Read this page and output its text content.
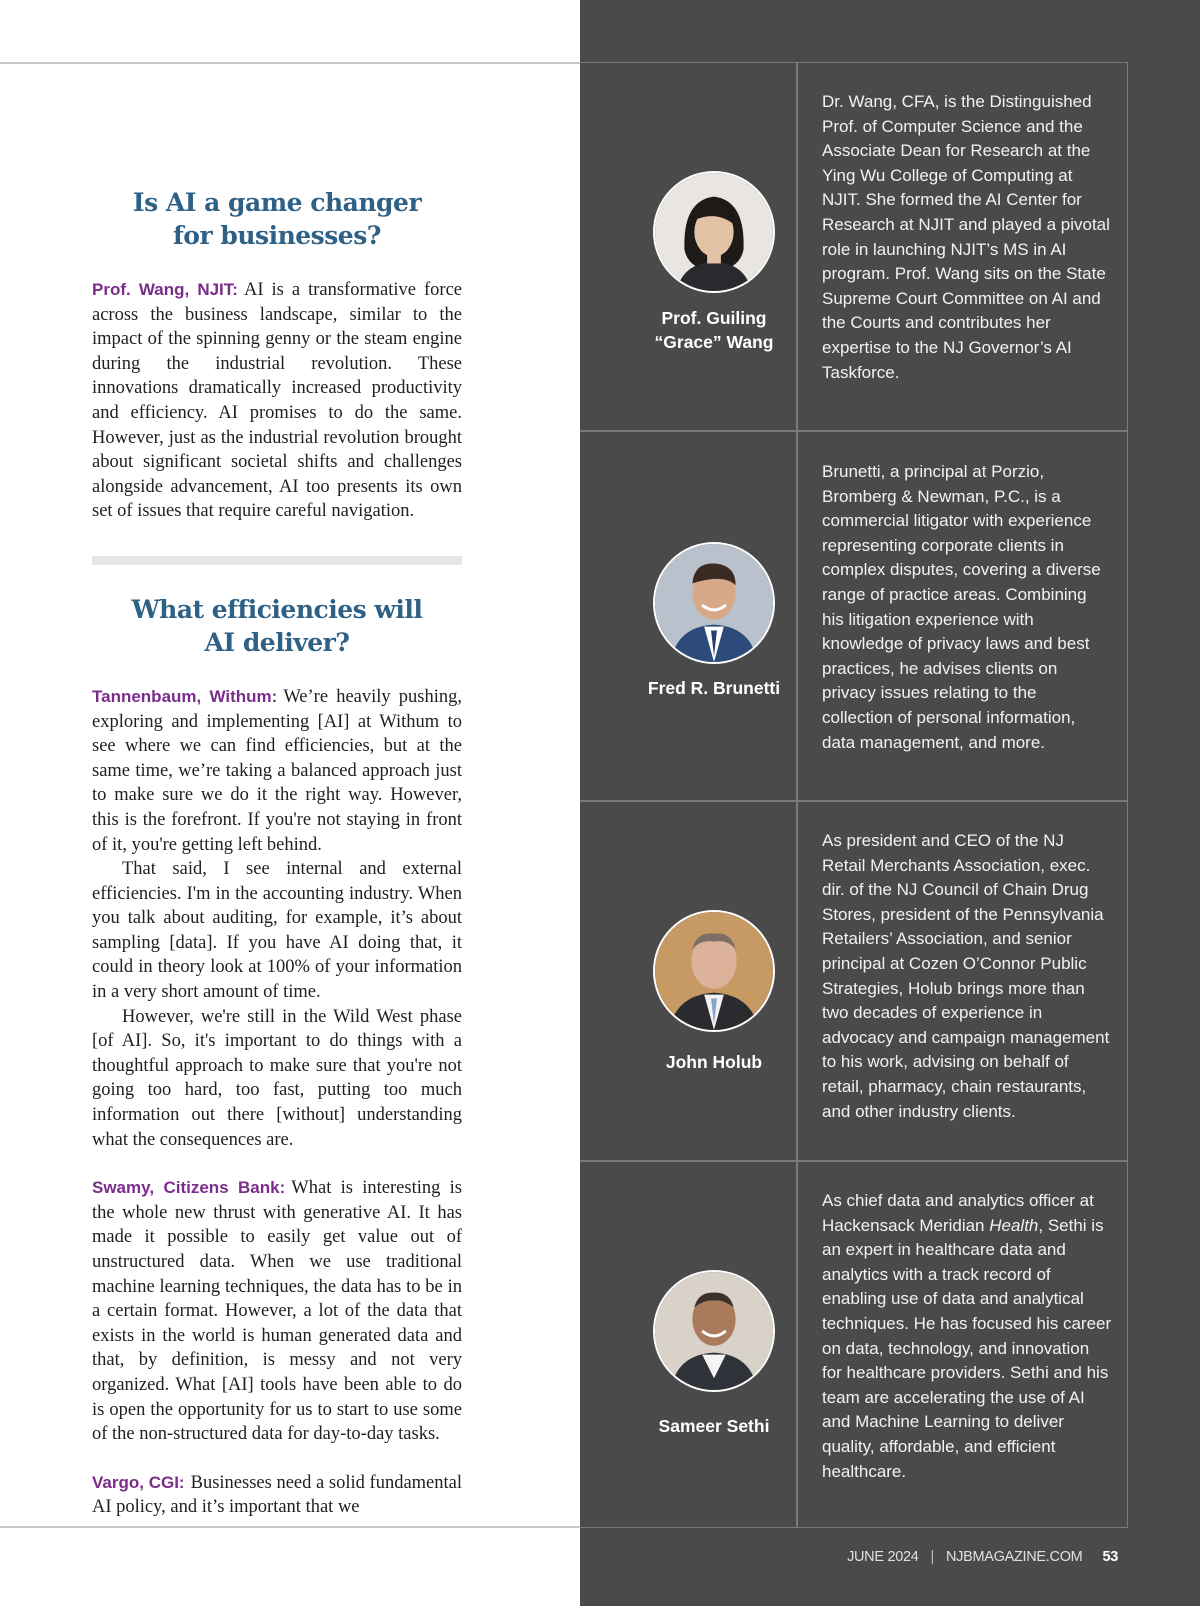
Is AI a game changer
for businesses?

Prof. Wang, NJIT: AI is a transformative force across the business landscape, similar to the impact of the spinning genny or the steam engine during the industrial revolution. These innovations dramatically increased productivity and efficiency. AI promises to do the same. However, just as the industrial revolution brought about significant societal shifts and challenges alongside advancement, AI too presents its own set of issues that require careful navigation.

What efficiencies will
AI deliver?

Tannenbaum, Withum: We’re heavily pushing, exploring and implementing [AI] at Withum to see where we can find efficiencies, but at the same time, we’re taking a balanced approach just to make sure we do it the right way. However, this is the forefront. If you're not staying in front of it, you're getting left behind.

That said, I see internal and external efficiencies. I'm in the accounting industry. When you talk about auditing, for example, it’s about sampling [data]. If you have AI doing that, it could in theory look at 100% of your information in a very short amount of time.

However, we're still in the Wild West phase [of AI]. So, it's important to do things with a thoughtful approach to make sure that you're not going too hard, too fast, putting too much information out there [without] understanding what the consequences are.

Swamy, Citizens Bank: What is interesting is the whole new thrust with generative AI. It has made it possible to easily get value out of unstructured data. When we use traditional machine learning techniques, the data has to be in a certain format. However, a lot of the data that exists in the world is human generated data and that, by definition, is messy and not very organized. What [AI] tools have been able to do is open the opportunity for us to start to use some of the non-structured data for day-to-day tasks.

Vargo, CGI: Businesses need a solid fundamental AI policy, and it’s important that we

Prof. Guiling
“Grace” Wang
Dr. Wang, CFA, is the Distinguished Prof. of Computer Science and the Associate Dean for Research at the Ying Wu College of Computing at NJIT. She formed the AI Center for Research at NJIT and played a pivotal role in launching NJIT’s MS in AI program. Prof. Wang sits on the State Supreme Court Committee on AI and the Courts and contributes her expertise to the NJ Governor’s AI Taskforce.
Fred R. Brunetti
Brunetti, a principal at Porzio, Bromberg & Newman, P.C., is a commercial litigator with experience representing corporate clients in complex disputes, covering a diverse range of practice areas. Combining his litigation experience with knowledge of privacy laws and best practices, he advises clients on privacy issues relating to the collection of personal information, data management, and more.
John Holub
As president and CEO of the NJ Retail Merchants Association, exec. dir. of the NJ Council of Chain Drug Stores, president of the Pennsylvania Retailers’ Association, and senior principal at Cozen O’Connor Public Strategies, Holub brings more than two decades of experience in advocacy and campaign management to his work, advising on behalf of retail, pharmacy, chain restaurants, and other industry clients.
Sameer Sethi
As chief data and analytics officer at Hackensack Meridian Health, Sethi is an expert in healthcare data and analytics with a track record of enabling use of data and analytical techniques. He has focused his career on data, technology, and innovation for healthcare providers. Sethi and his team are accelerating the use of AI and Machine Learning to deliver quality, affordable, and efficient healthcare.
JUNE 2024 | NJBMAGAZINE.COM 53
